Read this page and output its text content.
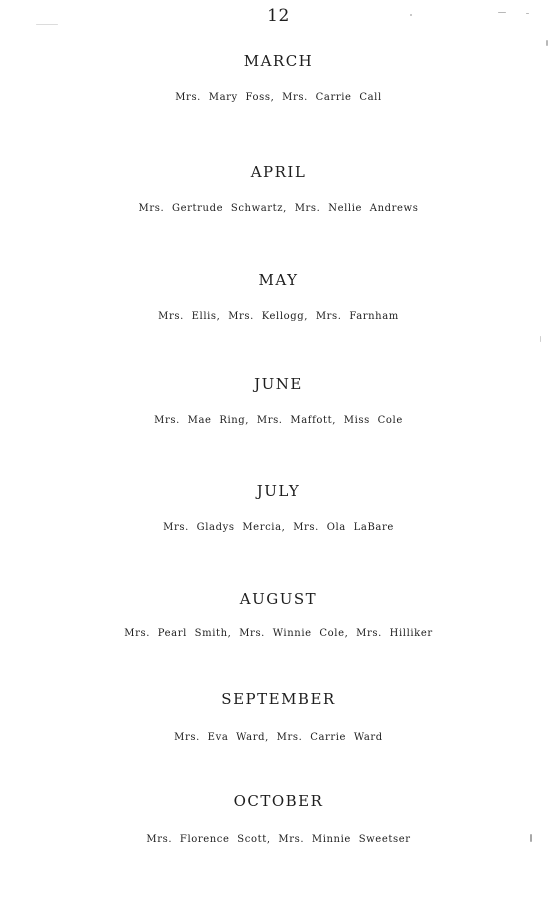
12
MARCH
Mrs. Mary Foss, Mrs. Carrie Call
APRIL
Mrs. Gertrude Schwartz, Mrs. Nellie Andrews
MAY
Mrs. Ellis, Mrs. Kellogg, Mrs. Farnham
JUNE
Mrs. Mae Ring, Mrs. Maffott, Miss Cole
JULY
Mrs. Gladys Mercia, Mrs. Ola LaBare
AUGUST
Mrs. Pearl Smith, Mrs. Winnie Cole, Mrs. Hilliker
SEPTEMBER
Mrs. Eva Ward, Mrs. Carrie Ward
OCTOBER
Mrs. Florence Scott, Mrs. Minnie Sweetser
